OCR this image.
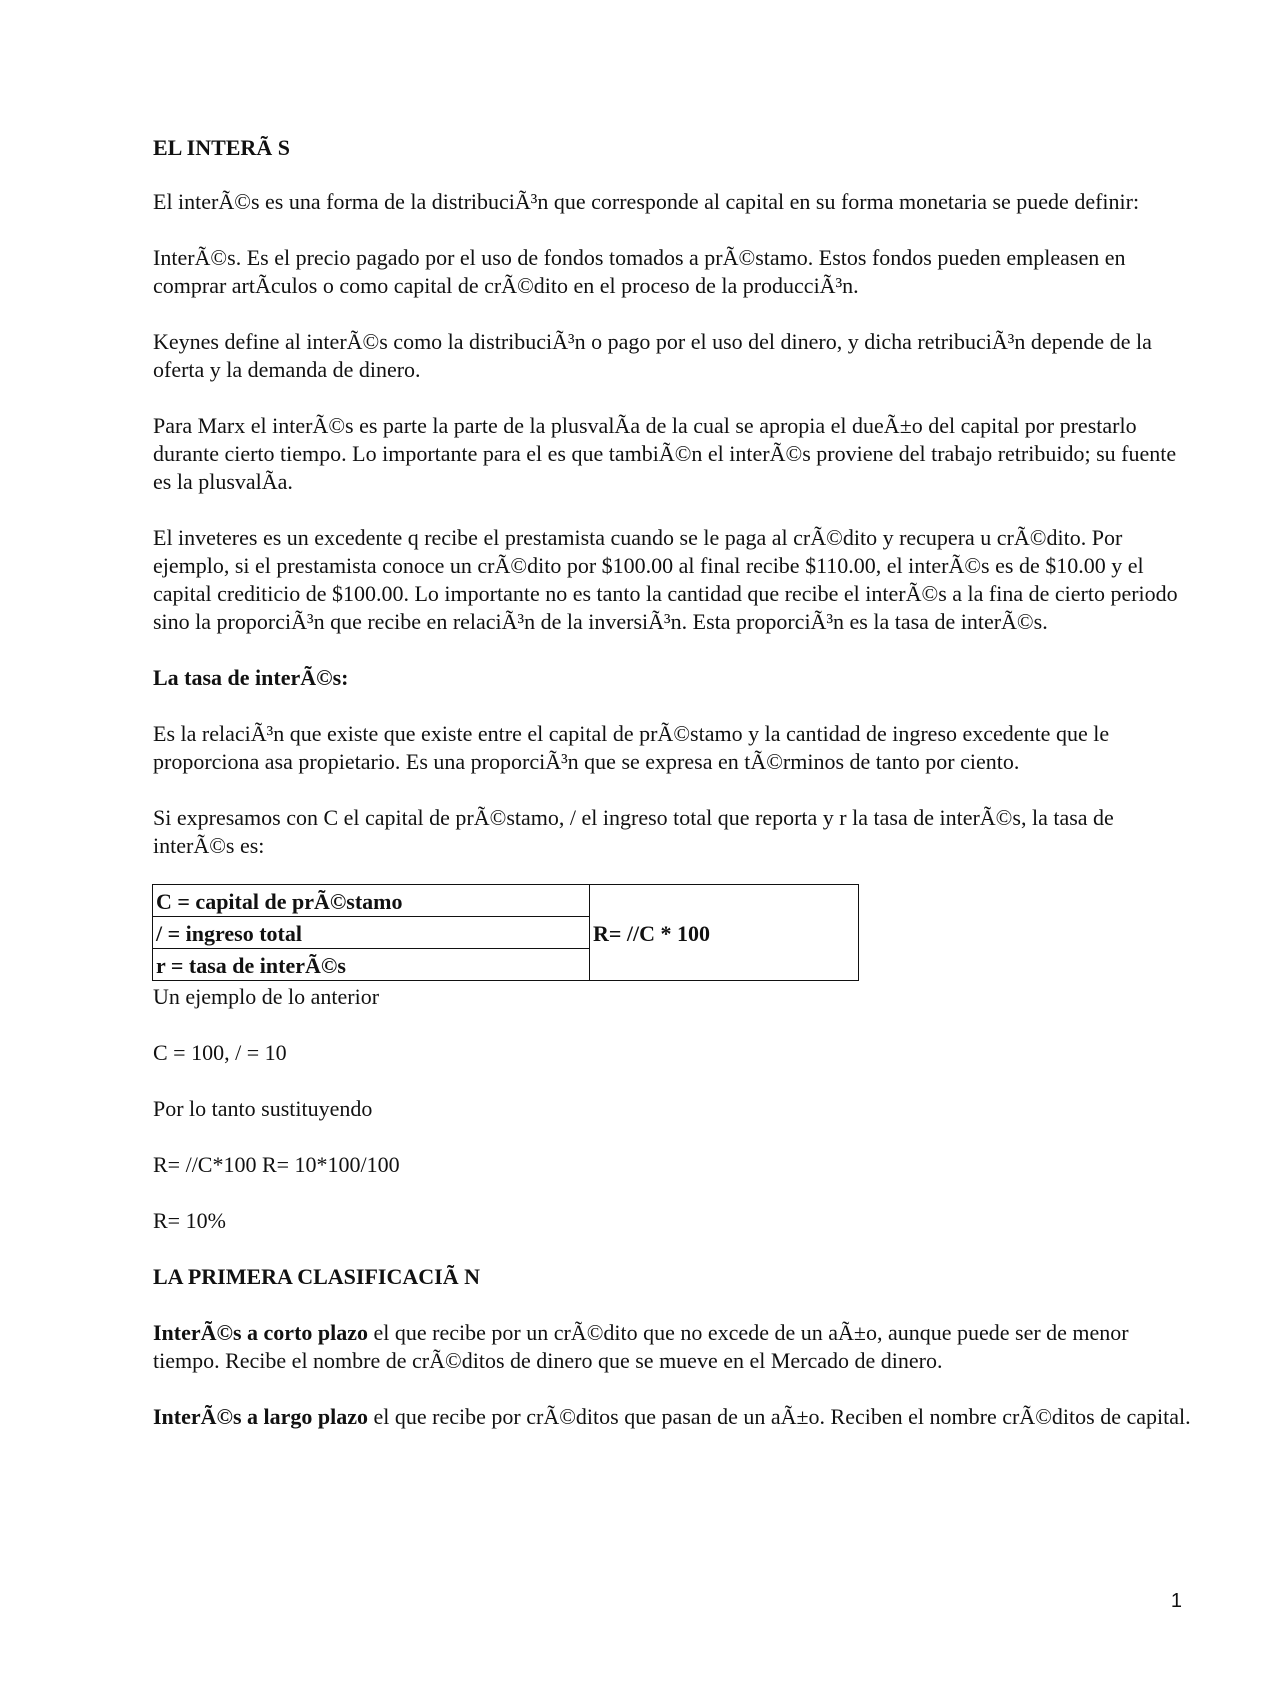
EL INTERÃ S

El interÃ©s es una forma de la distribuciÃ³n que corresponde al capital en su forma monetaria se puede definir:

InterÃ©s. Es el precio pagado por el uso de fondos tomados a prÃ©stamo. Estos fondos pueden empleasen en comprar artÃculos o como capital de crÃ©dito en el proceso de la producciÃ³n.

Keynes define al interÃ©s como la distribuciÃ³n o pago por el uso del dinero, y dicha retribuciÃ³n depende de la oferta y la demanda de dinero.

Para Marx el interÃ©s es parte la parte de la plusvalÃa de la cual se apropia el dueÃ±o del capital por prestarlo durante cierto tiempo. Lo importante para el es que tambiÃ©n el interÃ©s proviene del trabajo retribuido; su fuente es la plusvalÃa.

El inveteres es un excedente q recibe el prestamista cuando se le paga al crÃ©dito y recupera u crÃ©dito. Por ejemplo, si el prestamista conoce un crÃ©dito por $100.00 al final recibe $110.00, el interÃ©s es de $10.00 y el capital crediticio de $100.00. Lo importante no es tanto la cantidad que recibe el interÃ©s a la fina de cierto periodo sino la proporciÃ³n que recibe en relaciÃ³n de la inversiÃ³n. Esta proporciÃ³n es la tasa de interÃ©s.

La tasa de interÃ©s:

Es la relaciÃ³n que existe que existe entre el capital de prÃ©stamo y la cantidad de ingreso excedente que le proporciona asa propietario. Es una proporciÃ³n que se expresa en tÃ©rminos de tanto por ciento.

Si expresamos con C el capital de prÃ©stamo, / el ingreso total que reporta y r la tasa de interÃ©s, la tasa de interÃ©s es:

C = capital de prÃ©stamo	R= //C * 100
/ = ingreso total
r = tasa de interÃ©s

Un ejemplo de lo anterior

C = 100, / = 10

Por lo tanto sustituyendo

R= //C*100 R= 10*100/100

R= 10%

LA PRIMERA CLASIFICACIÃ N

InterÃ©s a corto plazo el que recibe por un crÃ©dito que no excede de un aÃ±o, aunque puede ser de menor tiempo. Recibe el nombre de crÃ©ditos de dinero que se mueve en el Mercado de dinero.

InterÃ©s a largo plazo el que recibe por crÃ©ditos que pasan de un aÃ±o. Reciben el nombre crÃ©ditos de capital.

1
